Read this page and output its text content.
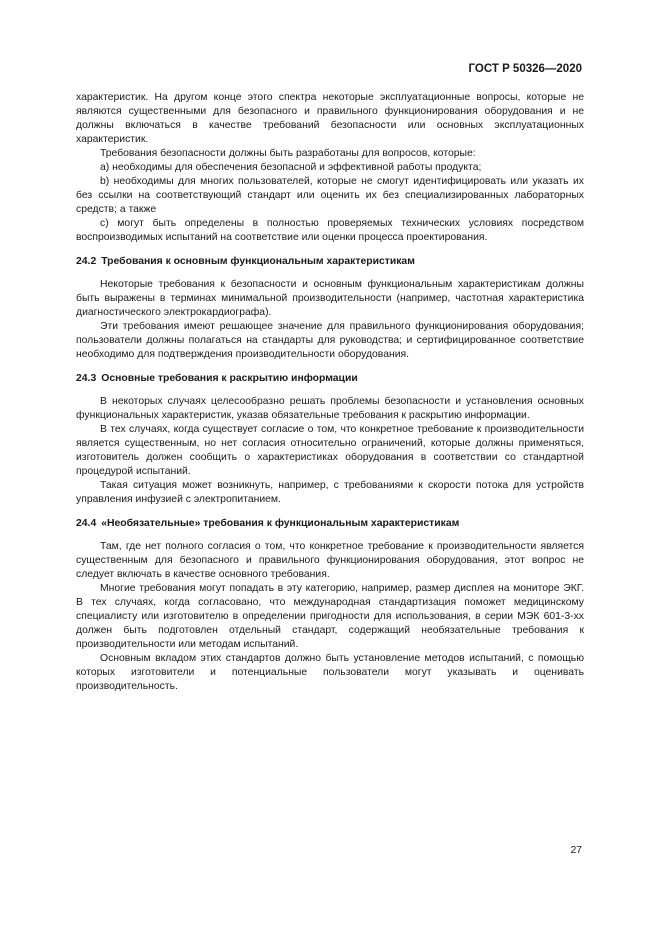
ГОСТ Р 50326—2020

характеристик. На другом конце этого спектра некоторые эксплуатационные вопросы, которые не являются существенными для безопасного и правильного функционирования оборудования и не должны включаться в качестве требований безопасности или основных эксплуатационных характеристик.

Требования безопасности должны быть разработаны для вопросов, которые:

a) необходимы для обеспечения безопасной и эффективной работы продукта;

b) необходимы для многих пользователей, которые не смогут идентифицировать или указать их без ссылки на соответствующий стандарт или оценить их без специализированных лабораторных средств; а также

c) могут быть определены в полностью проверяемых технических условиях посредством воспроизводимых испытаний на соответствие или оценки процесса проектирования.

24.2 Требования к основным функциональным характеристикам

Некоторые требования к безопасности и основным функциональным характеристикам должны быть выражены в терминах минимальной производительности (например, частотная характеристика диагностического электрокардиографа).

Эти требования имеют решающее значение для правильного функционирования оборудования; пользователи должны полагаться на стандарты для руководства; и сертифицированное соответствие необходимо для подтверждения производительности оборудования.

24.3 Основные требования к раскрытию информации

В некоторых случаях целесообразно решать проблемы безопасности и установления основных функциональных характеристик, указав обязательные требования к раскрытию информации.

В тех случаях, когда существует согласие о том, что конкретное требование к производительности является существенным, но нет согласия относительно ограничений, которые должны применяться, изготовитель должен сообщить о характеристиках оборудования в соответствии со стандартной процедурой испытаний.

Такая ситуация может возникнуть, например, с требованиями к скорости потока для устройств управления инфузией с электропитанием.

24.4 «Необязательные» требования к функциональным характеристикам

Там, где нет полного согласия о том, что конкретное требование к производительности является существенным для безопасного и правильного функционирования оборудования, этот вопрос не следует включать в качестве основного требования.

Многие требования могут попадать в эту категорию, например, размер дисплея на мониторе ЭКГ. В тех случаях, когда согласовано, что международная стандартизация поможет медицинскому специалисту или изготовителю в определении пригодности для использования, в серии МЭК 601-3-хх должен быть подготовлен отдельный стандарт, содержащий необязательные требования к производительности или методам испытаний.

Основным вкладом этих стандартов должно быть установление методов испытаний, с помощью которых изготовители и потенциальные пользователи могут указывать и оценивать производительность.

27
